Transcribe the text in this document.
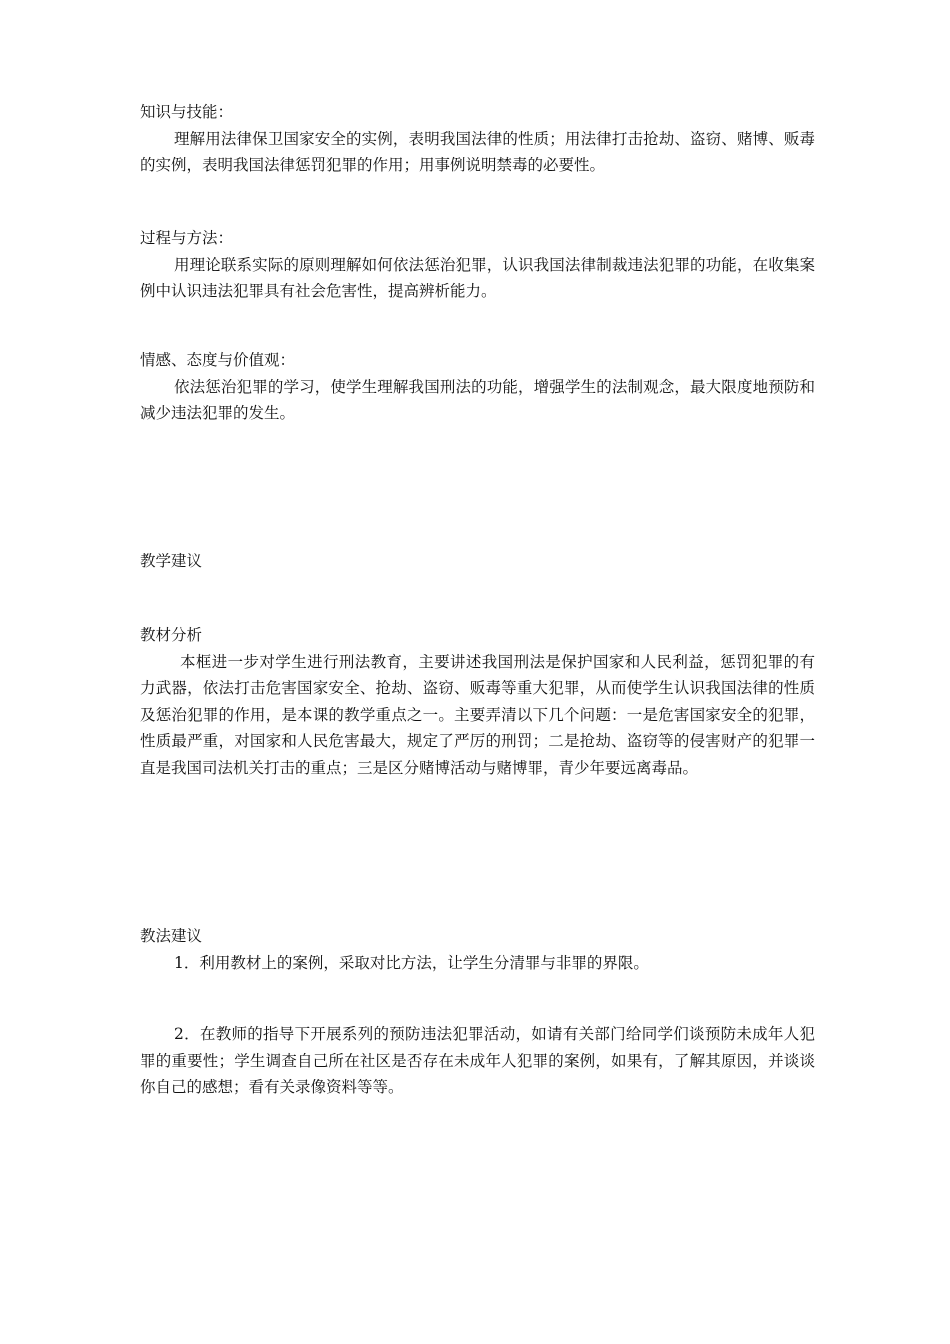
知识与技能：

理解用法律保卫国家安全的实例，表明我国法律的性质；用法律打击抢劫、盗窃、赌博、贩毒的实例，表明我国法律惩罚犯罪的作用；用事例说明禁毒的必要性。

过程与方法：

用理论联系实际的原则理解如何依法惩治犯罪，认识我国法律制裁违法犯罪的功能，在收集案例中认识违法犯罪具有社会危害性，提高辨析能力。

情感、态度与价值观：

依法惩治犯罪的学习，使学生理解我国刑法的功能，增强学生的法制观念，最大限度地预防和减少违法犯罪的发生。

教学建议
教材分析

本框进一步对学生进行刑法教育，主要讲述我国刑法是保护国家和人民利益，惩罚犯罪的有力武器，依法打击危害国家安全、抢劫、盗窃、贩毒等重大犯罪，从而使学生认识我国法律的性质及惩治犯罪的作用，是本课的教学重点之一。主要弄清以下几个问题：一是危害国家安全的犯罪，性质最严重，对国家和人民危害最大，规定了严厉的刑罚；二是抢劫、盗窃等的侵害财产的犯罪一直是我国司法机关打击的重点；三是区分赌博活动与赌博罪，青少年要远离毒品。

教法建议

1．利用教材上的案例，采取对比方法，让学生分清罪与非罪的界限。

2．在教师的指导下开展系列的预防违法犯罪活动，如请有关部门给同学们谈预防未成年人犯罪的重要性；学生调查自己所在社区是否存在未成年人犯罪的案例，如果有，了解其原因，并谈谈你自己的感想；看有关录像资料等等。
